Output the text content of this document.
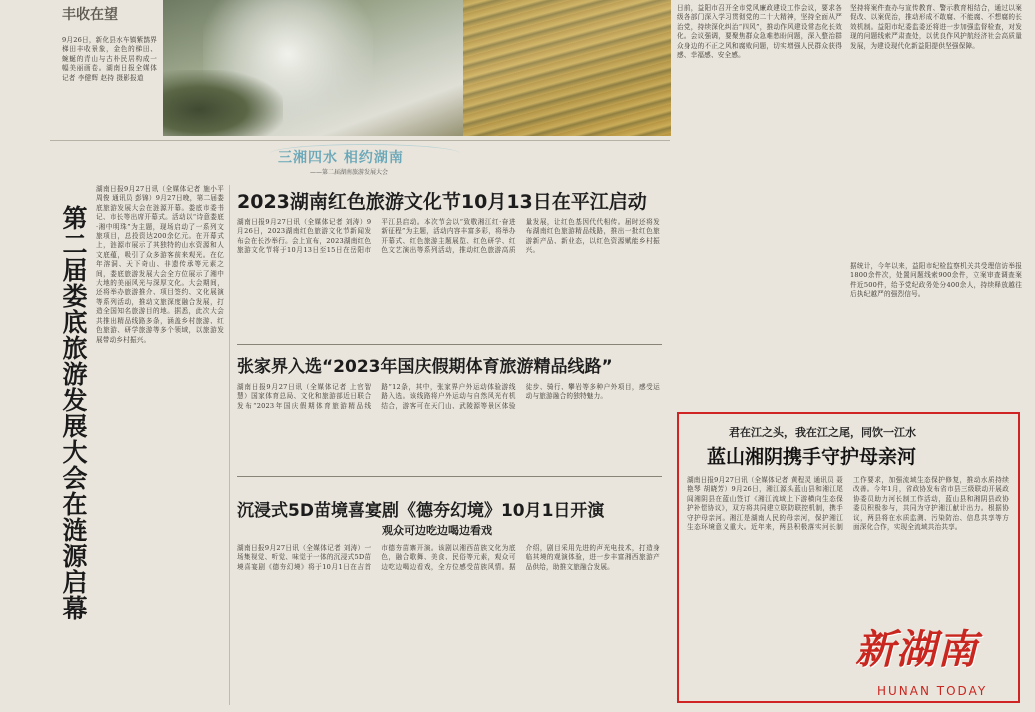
丰收在望
9月26日，新化县水车镇紫鹊界梯田丰收景象，金色的梯田、蜿蜒的青山与古朴民居构成一幅美丽画卷。湖南日报全媒体记者 李健辉 赵持 摄影报道
日前，益阳市召开全市党风廉政建设工作会议，要求各级各部门深入学习贯彻党的二十大精神，坚持全面从严治党，持续深化纠治“四风”，推动作风建设常态化长效化。会议强调，要聚焦群众急难愁盼问题，深入整治群众身边的不正之风和腐败问题，切实增强人民群众获得感、幸福感、安全感。
坚持将案件查办与宣传教育、警示教育相结合，通过以案促改、以案促治，推动形成不敢腐、不能腐、不想腐的长效机制。益阳市纪委监委还将进一步加强监督检查，对发现的问题线索严肃查处，以优良作风护航经济社会高质量发展，为建设现代化新益阳提供坚强保障。
据统计，今年以来，益阳市纪检监察机关共受理信访举报1800余件次，处置问题线索900余件，立案审查调查案件近500件，给予党纪政务处分400余人，持续释放越往后执纪越严的强烈信号。
三湘四水 相约湖南
——第二届湖南旅游发展大会
第二届娄底旅游发展大会在涟源启幕
湖南日报9月27日讯（全媒体记者 施小平 周俊 通讯员 彭锦）9月27日晚，第二届娄底旅游发展大会在涟源开幕。娄底市委书记、市长等出席开幕式。活动以“诗意娄底·湘中明珠”为主题，现场启动了一系列文旅项目，总投资达200余亿元。在开幕式上，涟源市展示了其独特的山水资源和人文底蕴，吸引了众多游客前来观光。在亿年溶洞、天下奇山、非遗传承等元素之间，娄底旅游发展大会全方位展示了湘中大地的美丽风光与深厚文化。大会期间，还将举办旅游推介、项目签约、文化展演等系列活动，推动文旅深度融合发展，打造全国知名旅游目的地。据悉，此次大会共推出精品线路多条，涵盖乡村旅游、红色旅游、研学旅游等多个领域，以旅游发展带动乡村振兴。
2023湖南红色旅游文化节10月13日在平江启动
湖南日报9月27日讯（全媒体记者 刘涛）9月26日，2023湖南红色旅游文化节新闻发布会在长沙举行。会上宣布，2023湖南红色旅游文化节将于10月13日至15日在岳阳市平江县启动。本次节会以“致敬湘江红·奋进新征程”为主题，活动内容丰富多彩，将举办开幕式、红色旅游主题展览、红色研学、红色文艺演出等系列活动，推动红色旅游高质量发展，让红色基因代代相传。届时还将发布湖南红色旅游精品线路，推出一批红色旅游新产品、新业态，以红色资源赋能乡村振兴。
张家界入选“2023年国庆假期体育旅游精品线路”
湖南日报9月27日讯（全媒体记者 上官智慧）国家体育总局、文化和旅游部近日联合发布“2023年国庆假期体育旅游精品线路”12条，其中，张家界户外运动体验游线路入选。该线路将户外运动与自然风光有机结合，游客可在天门山、武陵源等景区体验徒步、骑行、攀岩等多种户外项目，感受运动与旅游融合的独特魅力。
沉浸式5D苗境喜宴剧《德夯幻境》10月1日开演
观众可边吃边喝边看戏
湖南日报9月27日讯（全媒体记者 刘涛）一场集视觉、听觉、味觉于一体的沉浸式5D苗境喜宴剧《德夯幻境》将于10月1日在吉首市德夯苗寨开演。该剧以湘西苗族文化为底色，融合歌舞、美食、民俗等元素，观众可边吃边喝边看戏，全方位感受苗族风情。据介绍，剧目采用先进的声光电技术，打造身临其境的观演体验，进一步丰富湘西旅游产品供给，助推文旅融合发展。
君在江之头，我在江之尾，同饮一江水
蓝山湘阴携手守护母亲河
湖南日报9月27日讯（全媒体记者 黄程灵 通讯员 聂艳琴 胡晓芳）9月26日，湘江源头蓝山县和湘江尾闾湘阴县在蓝山签订《湘江流域上下游横向生态保护补偿协议》，双方将共同建立联防联控机制，携手守护母亲河。湘江是湖南人民的母亲河，保护湘江生态环境意义重大。近年来，两县积极落实河长制工作要求，加强流域生态保护修复，推动水质持续改善。今年1月，省政协发布省市县三级联动开展政协委员助力河长制工作活动，蓝山县和湘阴县政协委员积极参与，共同为守护湘江献计出力。根据协议，两县将在水质监测、污染防治、信息共享等方面深化合作，实现全流域共治共享。
新湖南
HUNAN TODAY
